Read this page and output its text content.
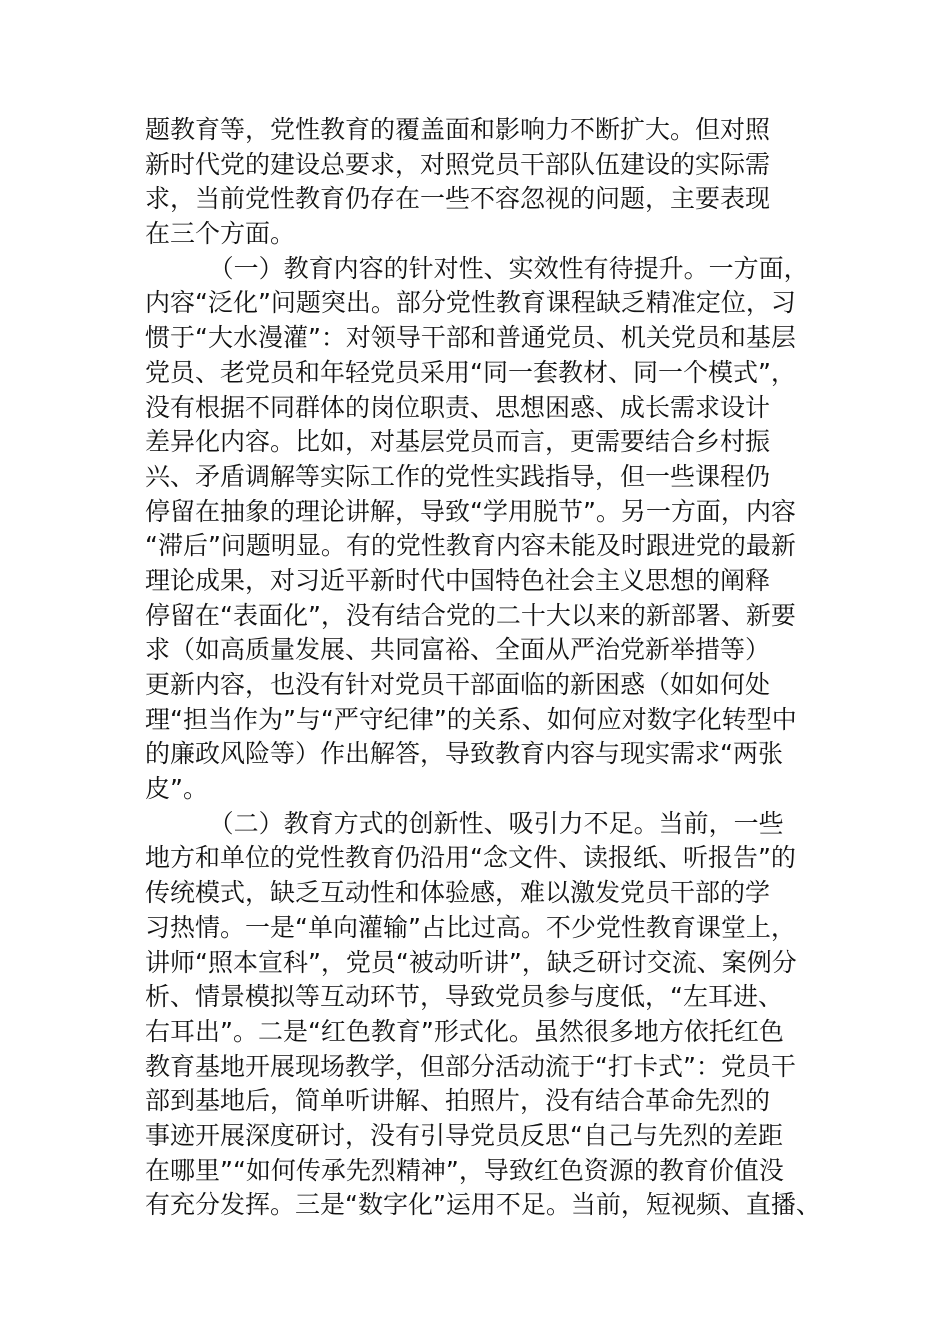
题教育等，党性教育的覆盖面和影响力不断扩大。但对照
新时代党的建设总要求，对照党员干部队伍建设的实际需
求，当前党性教育仍存在一些不容忽视的问题，主要表现
在三个方面。
（一）教育内容的针对性、实效性有待提升。一方面，
内容“泛化”问题突出。部分党性教育课程缺乏精准定位，习
惯于“大水漫灌”：对领导干部和普通党员、机关党员和基层
党员、老党员和年轻党员采用“同一套教材、同一个模式”，
没有根据不同群体的岗位职责、思想困惑、成长需求设计
差异化内容。比如，对基层党员而言，更需要结合乡村振
兴、矛盾调解等实际工作的党性实践指导，但一些课程仍
停留在抽象的理论讲解，导致“学用脱节”。另一方面，内容
“滞后”问题明显。有的党性教育内容未能及时跟进党的最新
理论成果，对习近平新时代中国特色社会主义思想的阐释
停留在“表面化”，没有结合党的二十大以来的新部署、新要
求（如高质量发展、共同富裕、全面从严治党新举措等）
更新内容，也没有针对党员干部面临的新困惑（如如何处
理“担当作为”与“严守纪律”的关系、如何应对数字化转型中
的廉政风险等）作出解答，导致教育内容与现实需求“两张
皮”。
（二）教育方式的创新性、吸引力不足。当前，一些
地方和单位的党性教育仍沿用“念文件、读报纸、听报告”的
传统模式，缺乏互动性和体验感，难以激发党员干部的学
习热情。一是“单向灌输”占比过高。不少党性教育课堂上，
讲师“照本宣科”，党员“被动听讲”，缺乏研讨交流、案例分
析、情景模拟等互动环节，导致党员参与度低，“左耳进、
右耳出”。二是“红色教育”形式化。虽然很多地方依托红色
教育基地开展现场教学，但部分活动流于“打卡式”：党员干
部到基地后，简单听讲解、拍照片，没有结合革命先烈的
事迹开展深度研讨，没有引导党员反思“自己与先烈的差距
在哪里”“如何传承先烈精神”，导致红色资源的教育价值没
有充分发挥。三是“数字化”运用不足。当前，短视频、直播、
